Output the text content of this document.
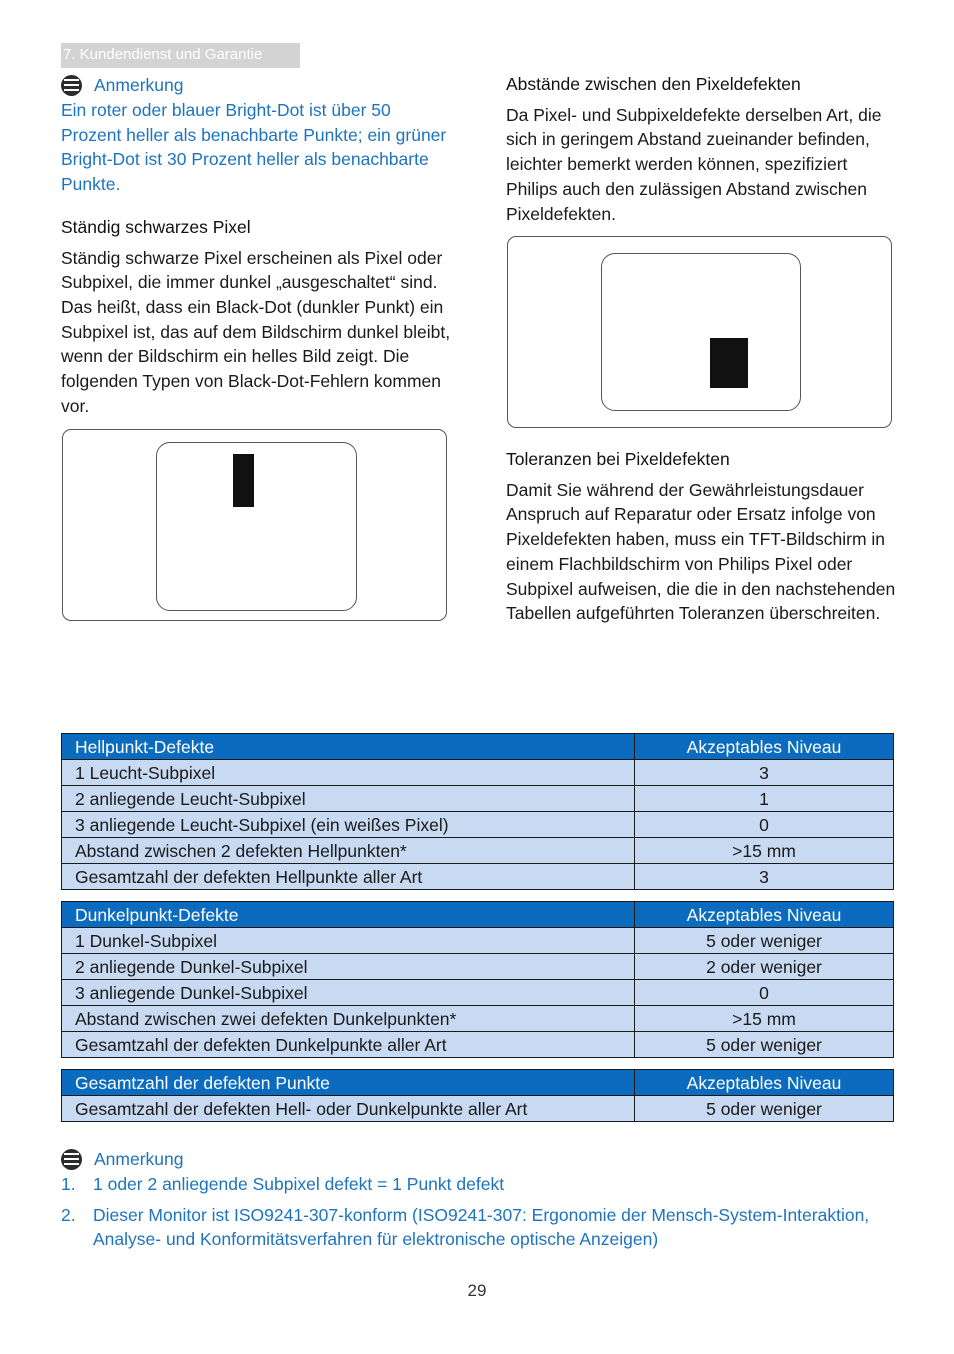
7. Kundendienst und Garantie
Anmerkung

Ein roter oder blauer Bright-Dot ist über 50 Prozent heller als benachbarte Punkte; ein grüner Bright-Dot ist 30 Prozent heller als benachbarte Punkte.

Ständig schwarzes Pixel

Ständig schwarze Pixel erscheinen als Pixel oder Subpixel, die immer dunkel „ausgeschaltet“ sind. Das heißt, dass ein Black-Dot (dunkler Punkt) ein Subpixel ist, das auf dem Bildschirm dunkel bleibt, wenn der Bildschirm ein helles Bild zeigt. Die folgenden Typen von Black-Dot-Fehlern kommen vor.

Abstände zwischen den Pixeldefekten

Da Pixel- und Subpixeldefekte derselben Art, die sich in geringem Abstand zueinander befinden, leichter bemerkt werden können, spezifiziert Philips auch den zulässigen Abstand zwischen Pixeldefekten.

Toleranzen bei Pixeldefekten

Damit Sie während der Gewährleistungsdauer Anspruch auf Reparatur oder Ersatz infolge von Pixeldefekten haben, muss ein TFT-Bildschirm in einem Flachbildschirm von Philips Pixel oder Subpixel aufweisen, die die in den nachstehenden Tabellen aufgeführten Toleranzen überschreiten.

Hellpunkt-Defekte	Akzeptables Niveau
1 Leucht-Subpixel	3
2 anliegende Leucht-Subpixel	1
3 anliegende Leucht-Subpixel (ein weißes Pixel)	0
Abstand zwischen 2 defekten Hellpunkten*	>15 mm
Gesamtzahl der defekten Hellpunkte aller Art	3
Dunkelpunkt-Defekte	Akzeptables Niveau
1 Dunkel-Subpixel	5 oder weniger
2 anliegende Dunkel-Subpixel	2 oder weniger
3 anliegende Dunkel-Subpixel	0
Abstand zwischen zwei defekten Dunkelpunkten*	>15 mm
Gesamtzahl der defekten Dunkelpunkte aller Art	5 oder weniger
Gesamtzahl der defekten Punkte	Akzeptables Niveau
Gesamtzahl der defekten Hell- oder Dunkelpunkte aller Art	5 oder weniger
Anmerkung
1. 1 oder 2 anliegende Subpixel defekt = 1 Punkt defekt
2. Dieser Monitor ist ISO9241-307-konform (ISO9241-307: Ergonomie der Mensch-System-Interaktion, Analyse- und Konformitätsverfahren für elektronische optische Anzeigen)
29
